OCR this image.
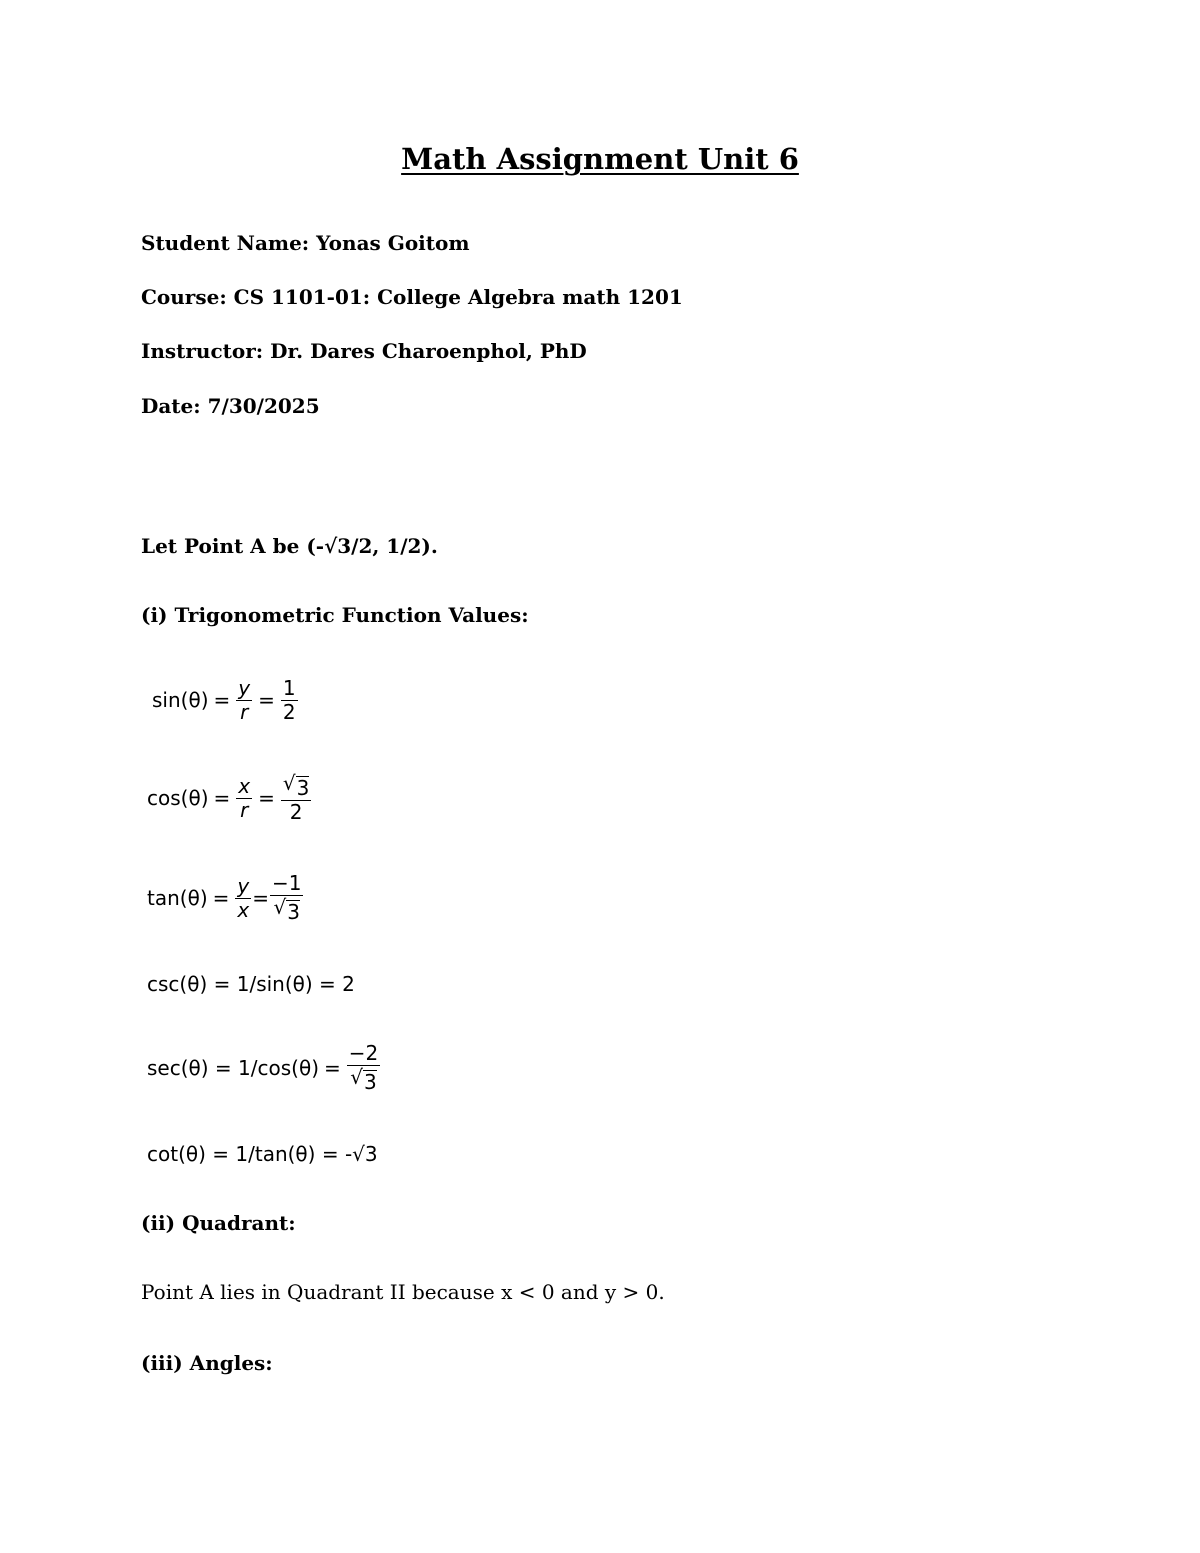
Math Assignment Unit 6
Student Name: Yonas Goitom
Course: CS 1101-01: College Algebra math 1201
Instructor: Dr. Dares Charoenphol, PhD
Date: 7/30/2025
Let Point A be (-√3/2, 1/2).
(i) Trigonometric Function Values:
$\sin(\theta) = \frac{y}{r} = \frac{1}{2}$
$\cos(\theta) = \frac{x}{r} = \frac{√ 3}{2}$
$\tan(\theta) = \frac{y}{x} = \frac{-1}{√ 3}$
csc(θ) = 1/sin(θ) = 2
$\sec(\theta) = 1/\cos(\theta) = \frac{-2}{√ 3}$
cot(θ) = 1/tan(θ) = -√3
(ii) Quadrant:
Point A lies in Quadrant II because x < 0 and y > 0.
(iii) Angles:
